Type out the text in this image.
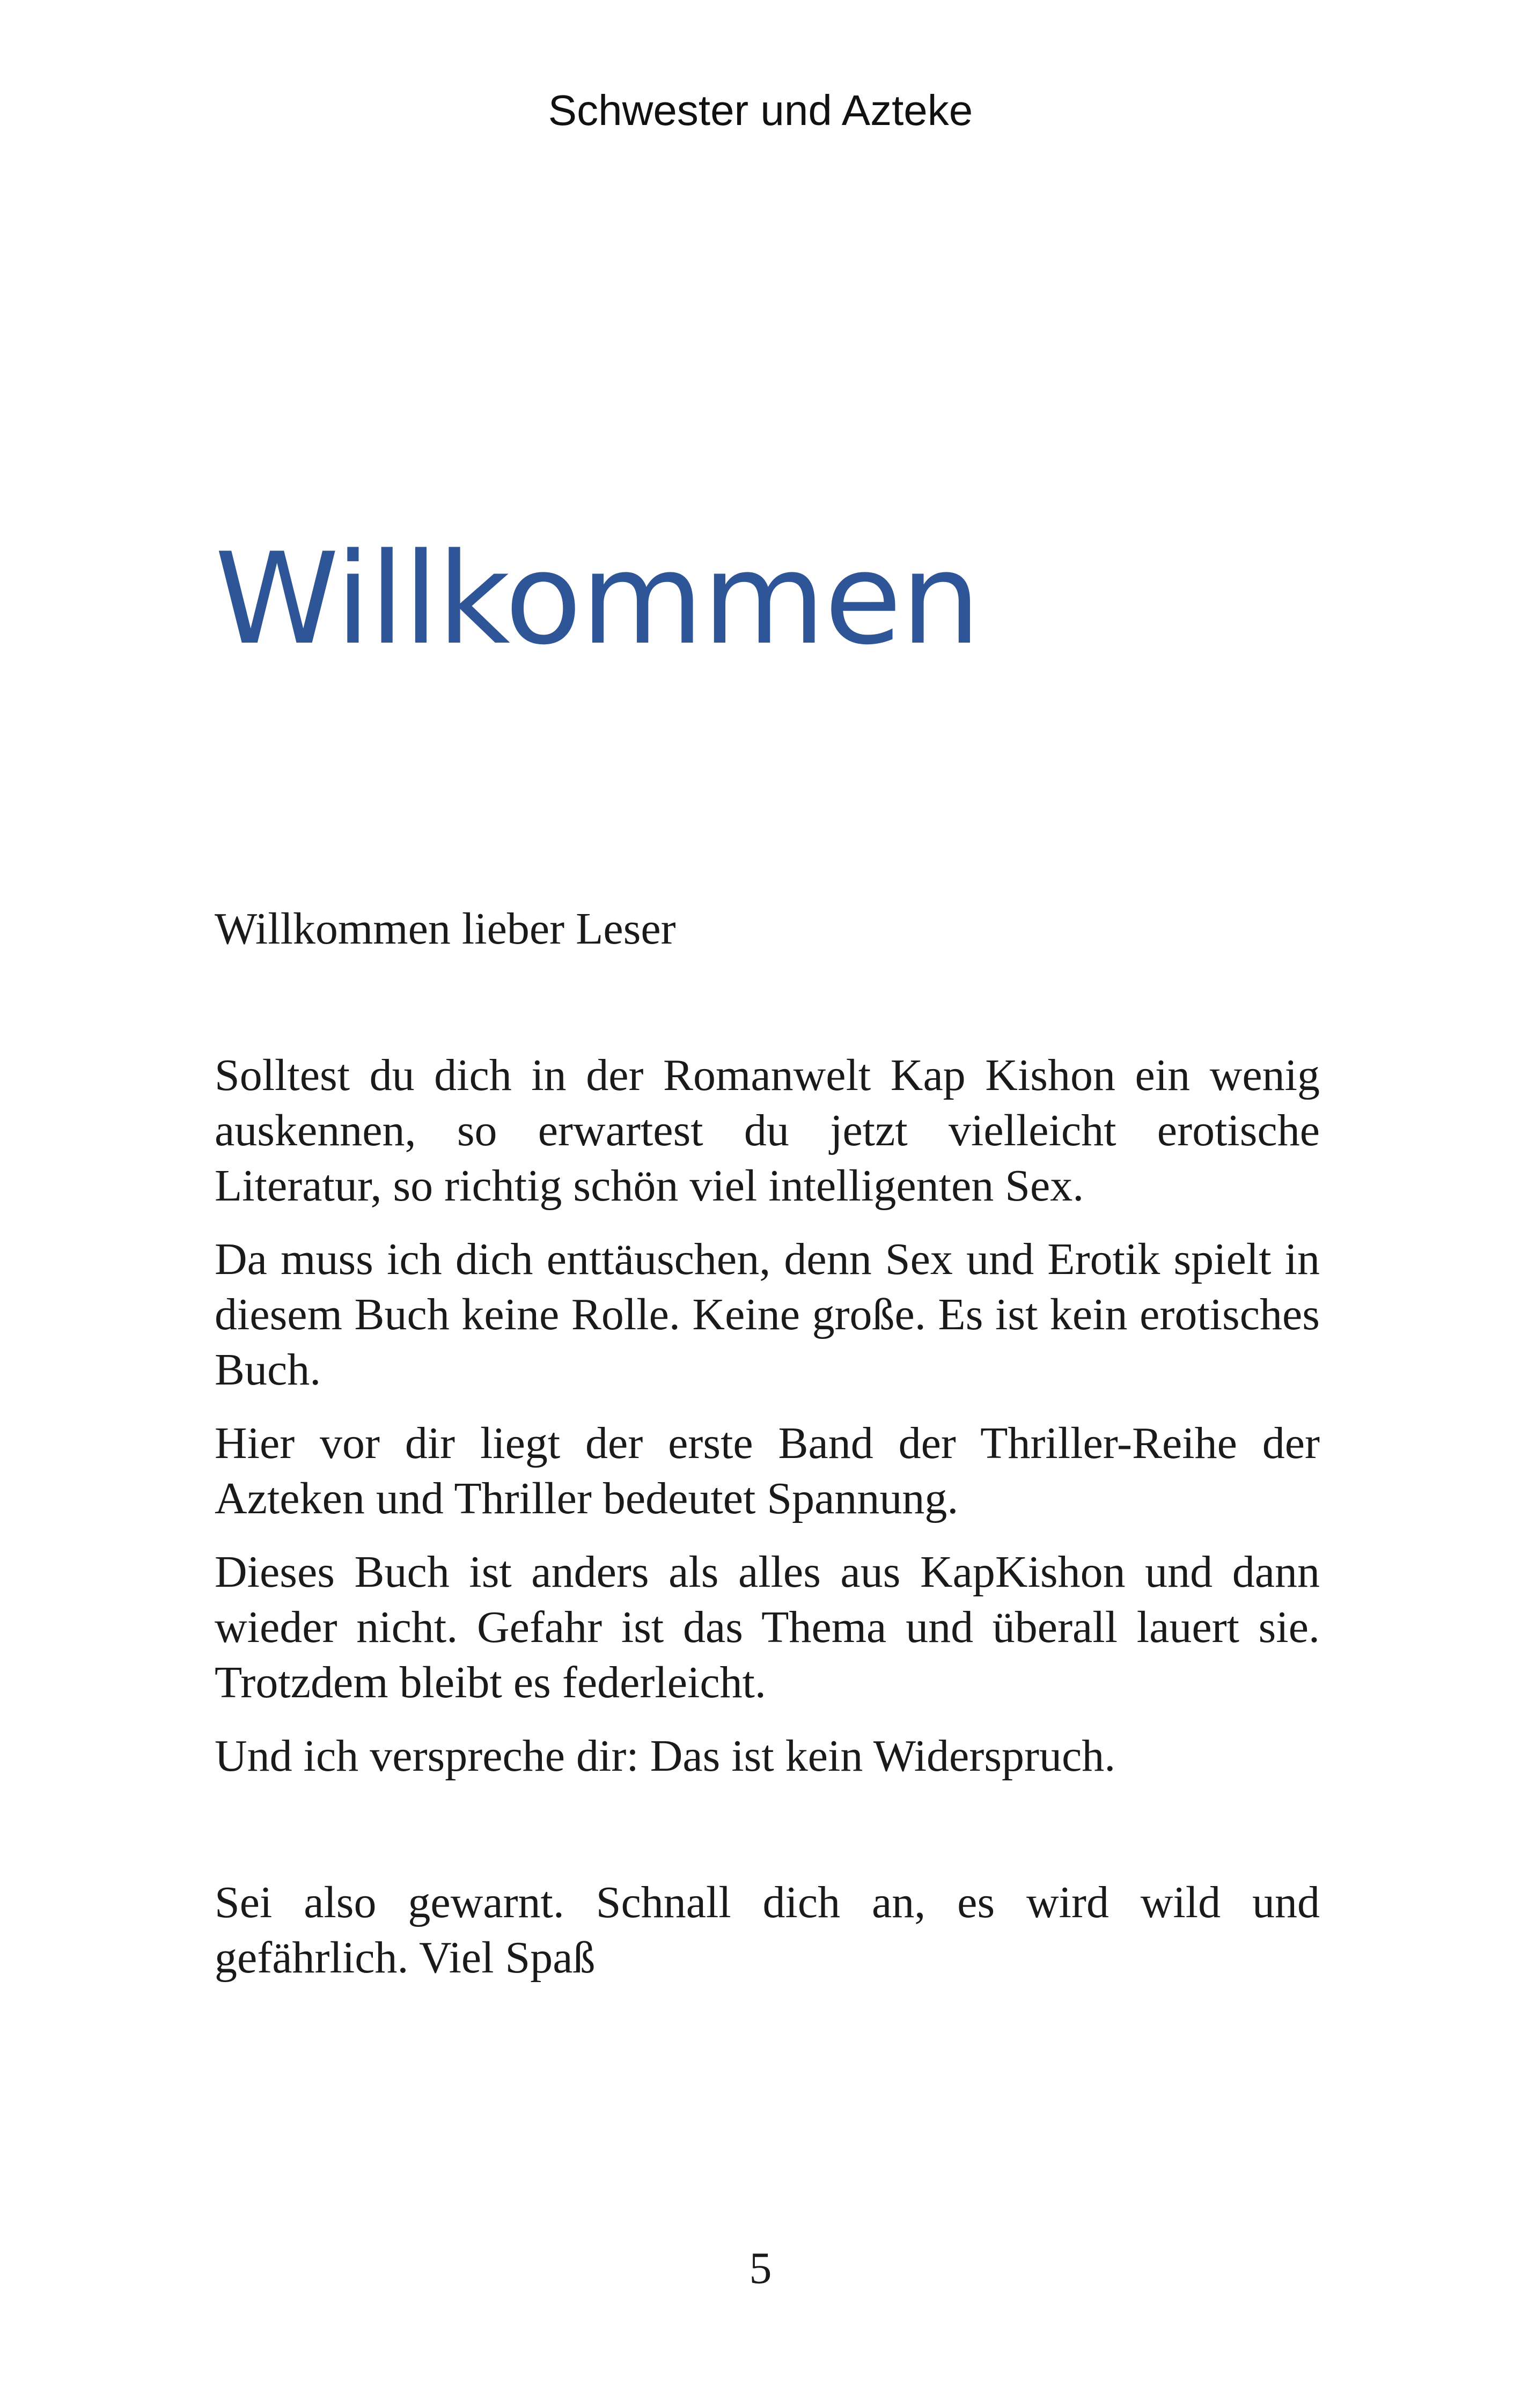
Schwester und Azteke
Willkommen

Willkommen lieber Leser

Solltest du dich in der Romanwelt Kap Kishon ein wenig auskennen, so erwartest du jetzt vielleicht erotische Literatur, so richtig schön viel intelligenten Sex.

Da muss ich dich enttäuschen, denn Sex und Erotik spielt in diesem Buch keine Rolle. Keine große. Es ist kein erotisches Buch.

Hier vor dir liegt der erste Band der Thriller-Reihe der Azteken und Thriller bedeutet Spannung.

Dieses Buch ist anders als alles aus KapKishon und dann wieder nicht. Gefahr ist das Thema und überall lauert sie. Trotzdem bleibt es federleicht.

Und ich verspreche dir: Das ist kein Widerspruch.

Sei also gewarnt. Schnall dich an, es wird wild und gefährlich. Viel Spaß

5
